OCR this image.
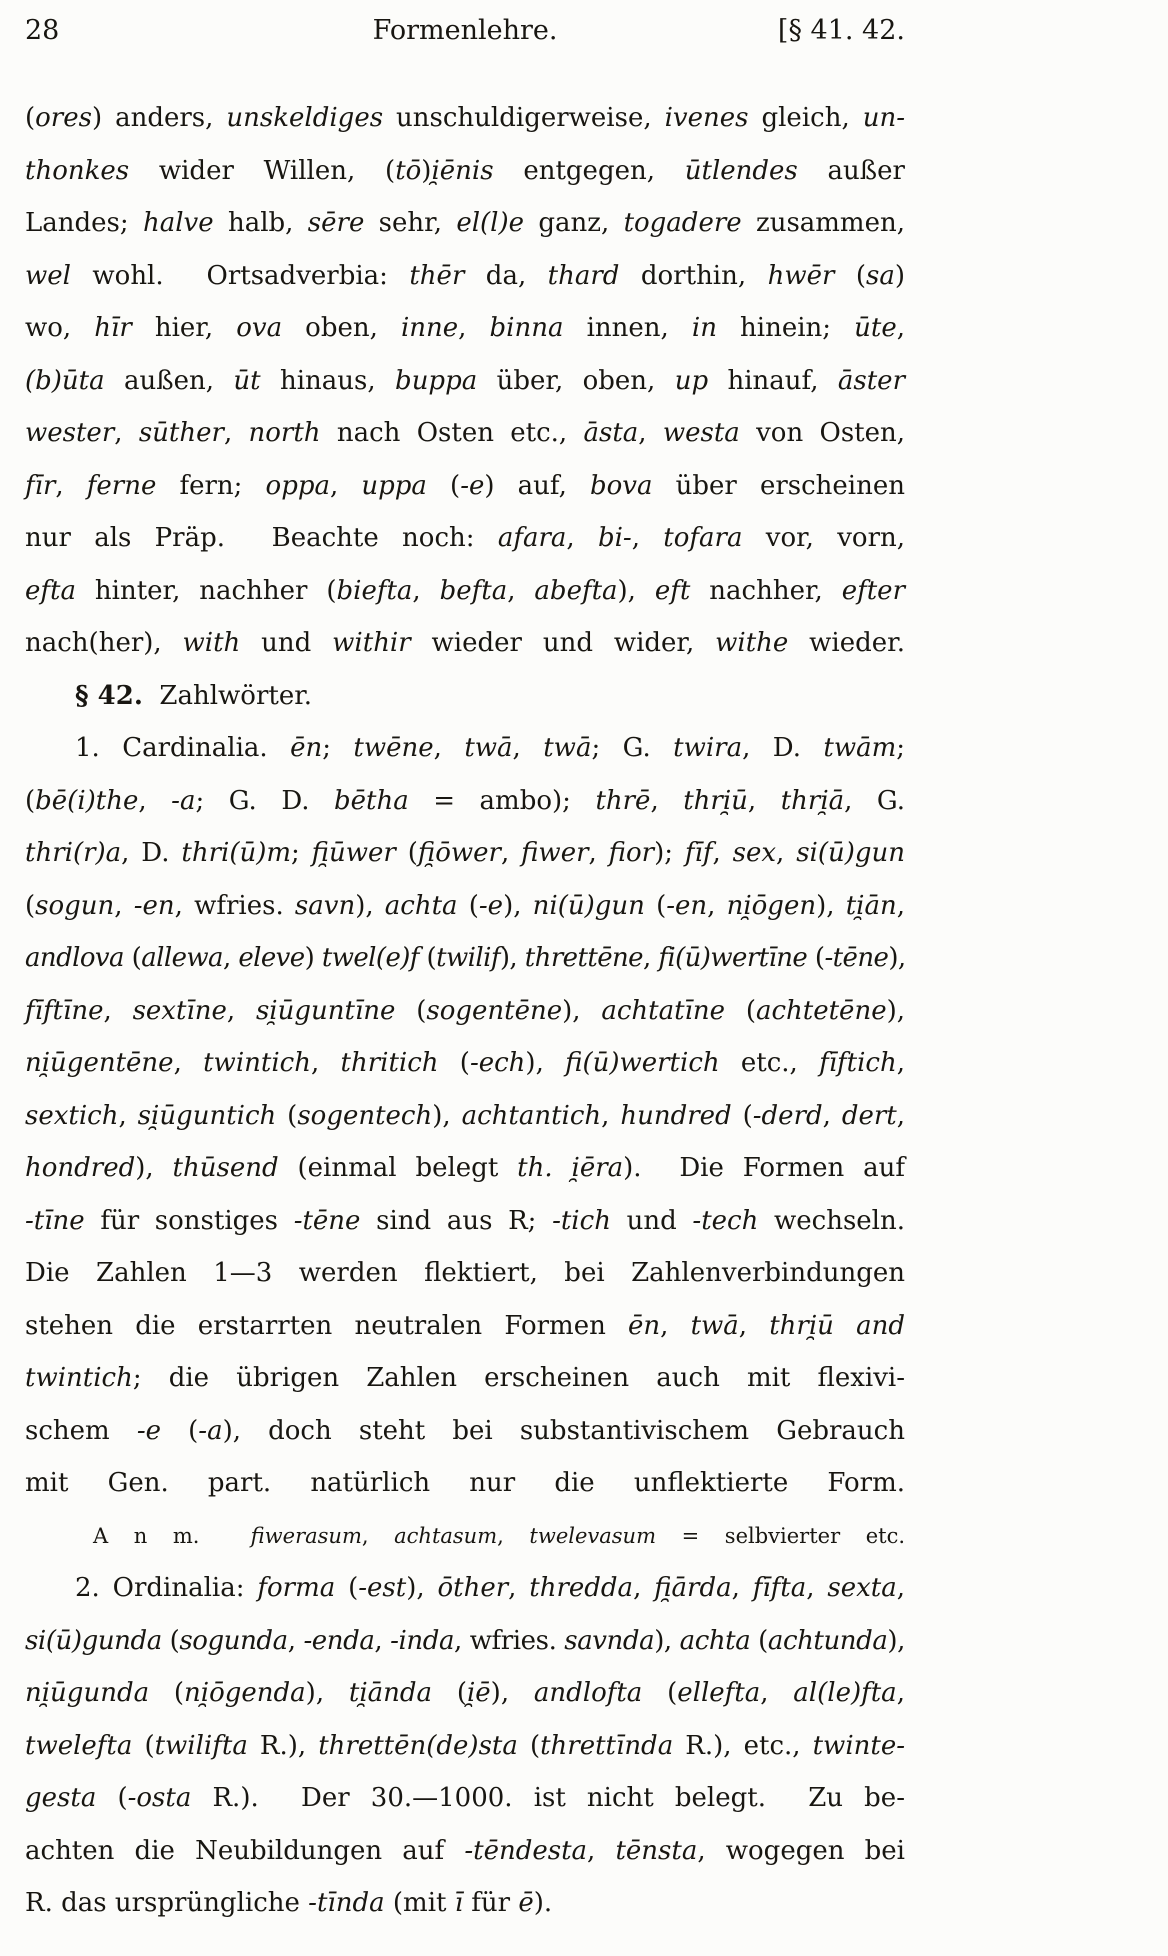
28	Formenlehre.	[§ 41. 42.
(ores) anders, unskeldiges unschuldigerweise, ivenes gleich, un-
thonkes wider Willen, (tō)i̯ēnis entgegen, ūtlendes außer
Landes; halve halb, sēre sehr, el(l)e ganz, togadere zusammen,
wel wohl.  Ortsadverbia: thēr da, thard dorthin, hwēr (sa)
wo, hīr hier, ova oben, inne, binna innen, in hinein; ūte,
(b)ūta außen, ūt hinaus, buppa über, oben, up hinauf, āster
wester, sūther, north nach Osten etc., āsta, westa von Osten,
fīr, ferne fern; oppa, uppa (-e) auf, bova über erscheinen
nur als Präp.  Beachte noch: afara, bi-, tofara vor, vorn,
efta hinter, nachher (biefta, befta, abefta), eft nachher, efter
nach(her), with und withir wieder und wider, withe wieder.
§ 42.  Zahlwörter.
1. Cardinalia. ēn; twēne, twā, twā; G. twira, D. twām;
(bē(i)the, -a; G. D. bētha = ambo); thrē, thri̯ū, thri̯ā, G.
thri(r)a, D. thri(ū)m; fi̯ūwer (fi̯ōwer, fiwer, fior); fīf, sex, si(ū)gun
(sogun, -en, wfries. savn), achta (-e), ni(ū)gun (-en, ni̯ōgen), ti̯ān,
andlova (allewa, eleve) twel(e)f (twilif), threttēne, fi(ū)wertīne (-tēne),
fīftīne, sextīne, si̯ūguntīne (sogentēne), achtatīne (achtetēne),
ni̯ūgentēne, twintich, thritich (-ech), fi(ū)wertich etc., fīftich,
sextich, si̯ūguntich (sogentech), achtantich, hundred (-derd, dert,
hondred), thūsend (einmal belegt th. i̯ēra).  Die Formen auf
-tīne für sonstiges -tēne sind aus R; -tich und -tech wechseln.
Die Zahlen 1—3 werden flektiert, bei Zahlenverbindungen
stehen die erstarrten neutralen Formen ēn, twā, thri̯ū and
twintich; die übrigen Zahlen erscheinen auch mit flexivi-
schem -e (-a), doch steht bei substantivischem Gebrauch
mit Gen. part. natürlich nur die unflektierte Form.
A n m.  fiwerasum, achtasum, twelevasum = selbvierter etc.
2. Ordinalia: forma (-est), ōther, thredda, fi̯ārda, fīfta, sexta,
si(ū)gunda (sogunda, -enda, -inda, wfries. savnda), achta (achtunda),
ni̯ūgunda (ni̯ōgenda), ti̯ānda (i̯ē), andlofta (ellefta, al(le)fta,
twelefta (twilifta R.), threttēn(de)sta (threttīnda R.), etc., twinte-
gesta (-osta R.).  Der 30.—1000. ist nicht belegt.  Zu be-
achten die Neubildungen auf -tēndesta, tēnsta, wogegen bei
R. das ursprüngliche -tīnda (mit ī für ē).
